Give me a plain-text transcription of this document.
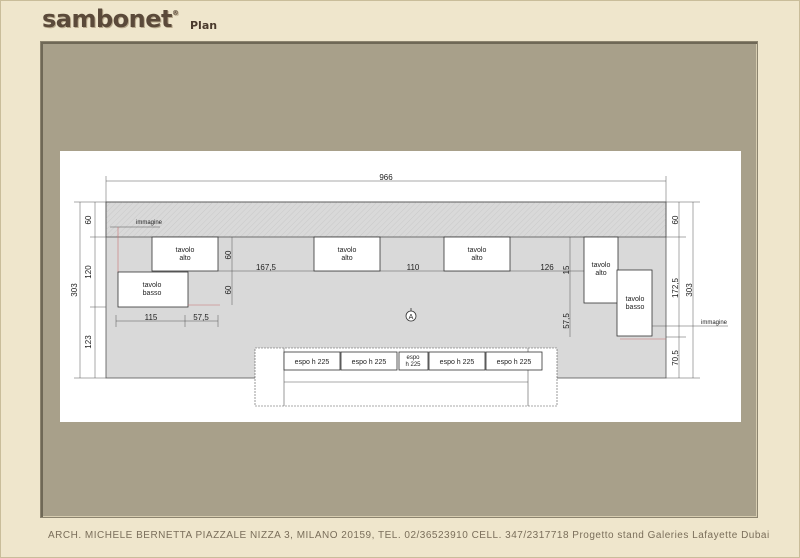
sambonet®
Plan
966
60
120
123
303
60
172,5 303
70,5
immagine
tavolo
alto
tavolo
basso
60
60
167,5	110	126
tavolo
alto
tavolo
alto
15
57,5
tavolo
alto
tavolo
basso
immagine
115	57,5	A
espo h 225	espo h 225
espo
h 225	espo h 225	espo h 225
ARCH. MICHELE BERNETTA PIAZZALE NIZZA 3, MILANO 20159, TEL. 02/36523910 CELL. 347/2317718 Progetto stand Galeries Lafayette Dubai
